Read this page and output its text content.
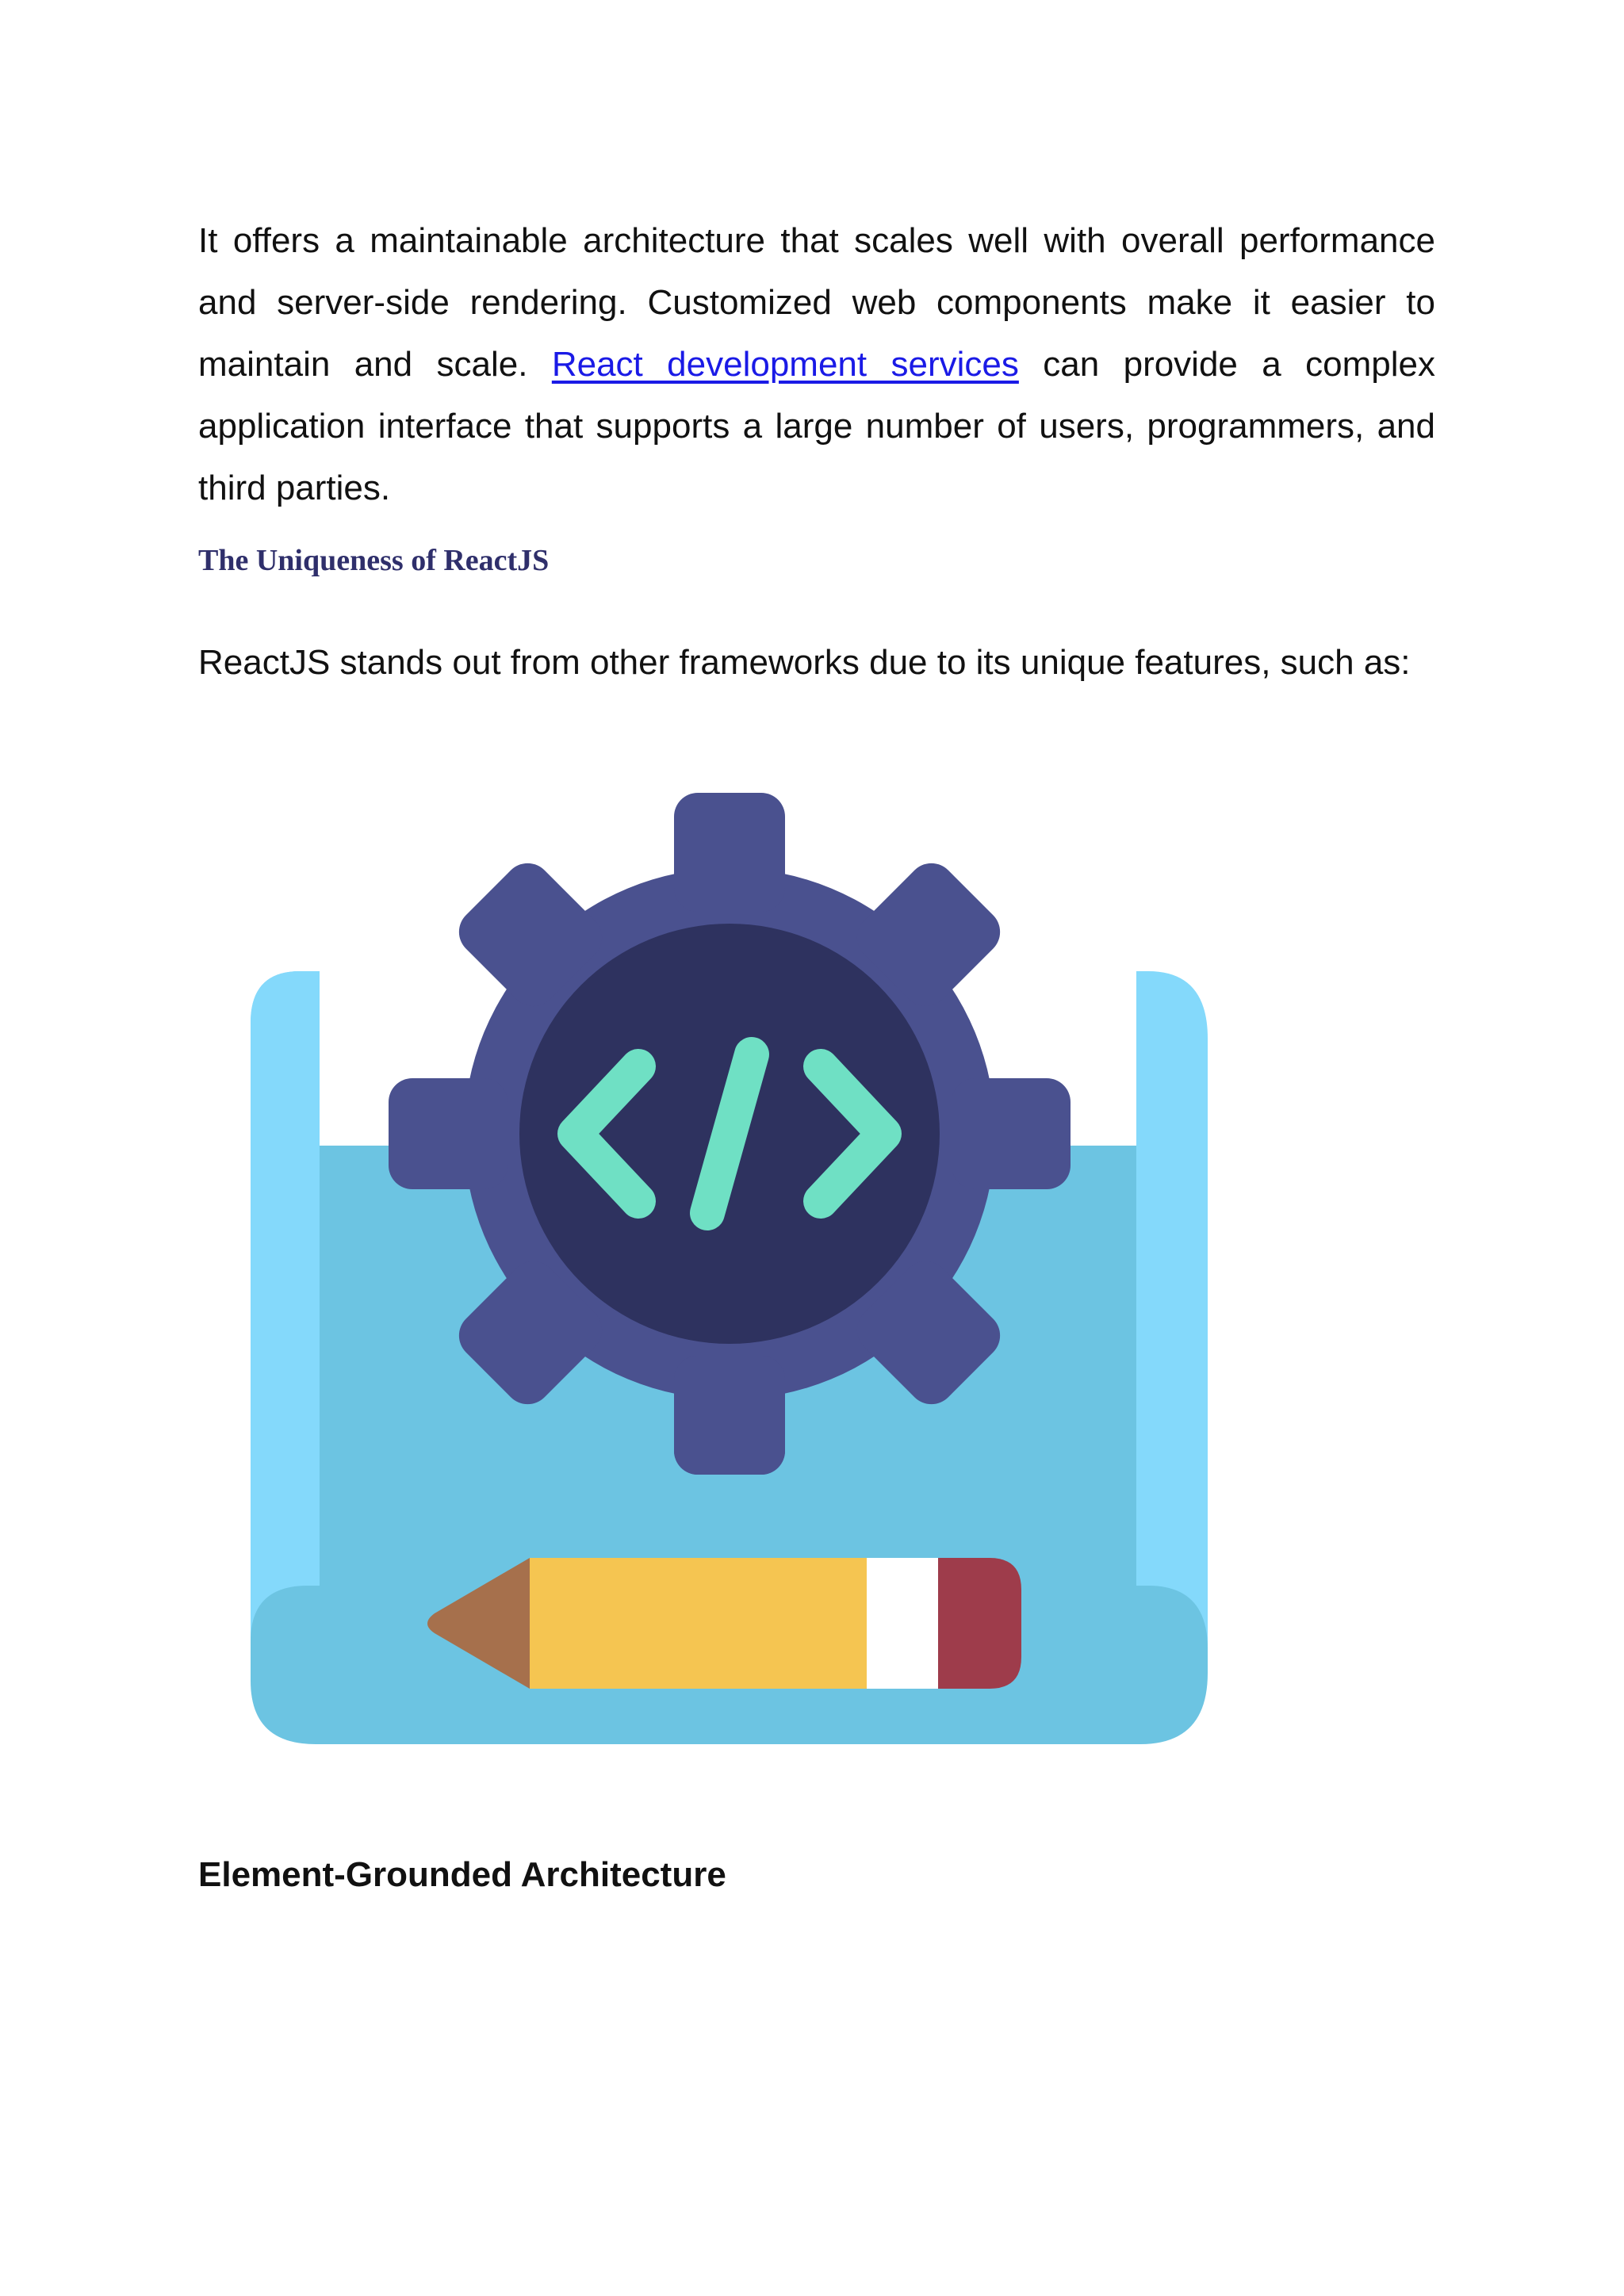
It offers a maintainable architecture that scales well with overall performance and server-side rendering. Customized web components make it easier to maintain and scale. React development services can provide a complex application interface that supports a large number of users, programmers, and third parties.

The Uniqueness of ReactJS

ReactJS stands out from other frameworks due to its unique features, such as:

Element-Grounded Architecture
